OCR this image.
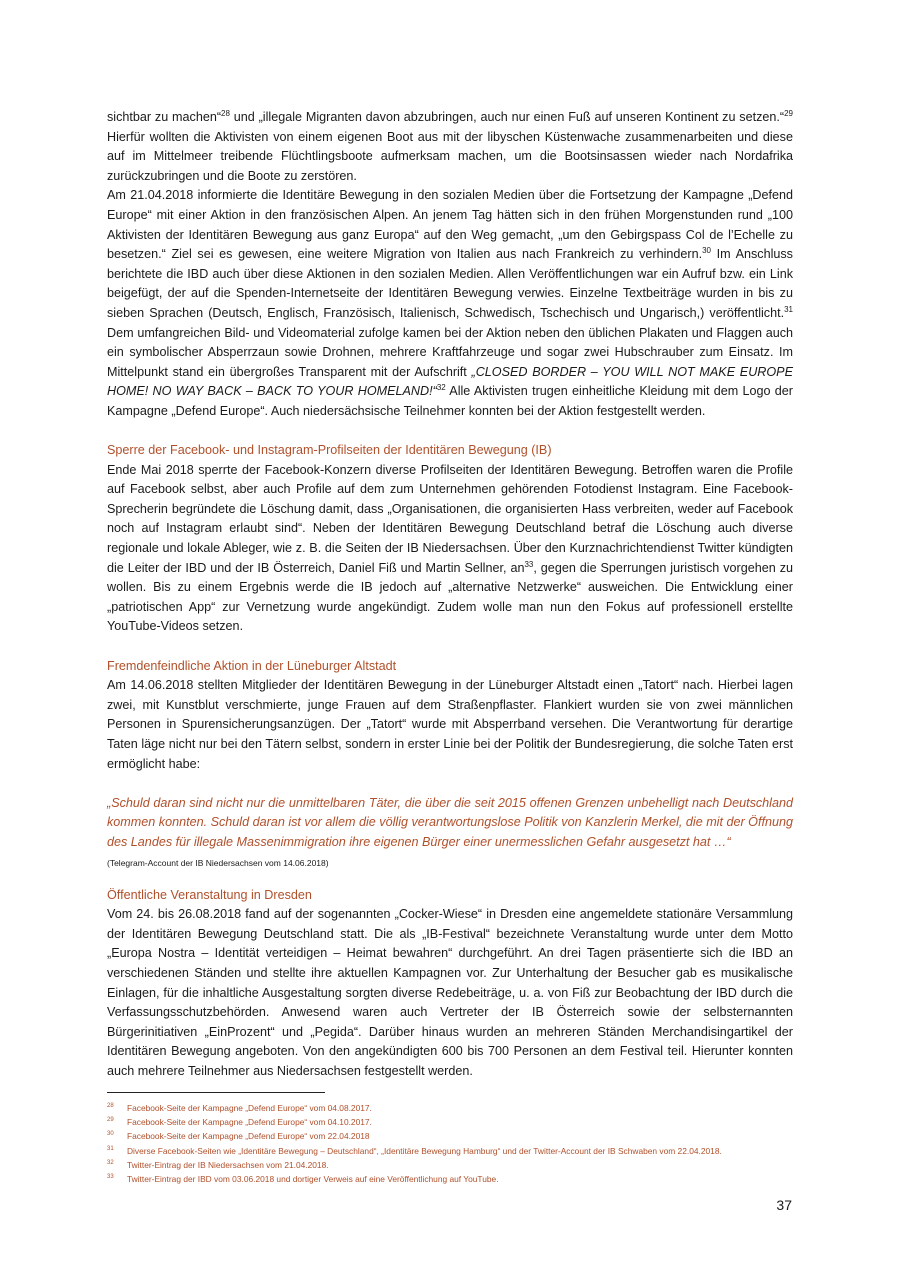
sichtbar zu machen“$^{28}$ und „illegale Migranten davon abzubringen, auch nur einen Fuß auf unseren Kontinent zu setzen.“$^{29}$ Hierfür wollten die Aktivisten von einem eigenen Boot aus mit der libyschen Küstenwache zusammenarbeiten und diese auf im Mittelmeer treibende Flüchtlingsboote aufmerksam machen, um die Bootsinsassen wieder nach Nordafrika zurückzubringen und die Boote zu zerstören.

Am 21.04.2018 informierte die Identitäre Bewegung in den sozialen Medien über die Fortsetzung der Kampagne „Defend Europe“ mit einer Aktion in den französischen Alpen. An jenem Tag hätten sich in den frühen Morgenstunden rund „100 Aktivisten der Identitären Bewegung aus ganz Europa“ auf den Weg gemacht, „um den Gebirgspass Col de l’Echelle zu besetzen.“ Ziel sei es gewesen, eine weitere Migration von Italien aus nach Frankreich zu verhindern.$^{30}$ Im Anschluss berichtete die IBD auch über diese Aktionen in den sozialen Medien. Allen Veröffentlichungen war ein Aufruf bzw. ein Link beigefügt, der auf die Spenden-Internetseite der Identitären Bewegung verwies. Einzelne Textbeiträge wurden in bis zu sieben Sprachen (Deutsch, Englisch, Französisch, Italienisch, Schwedisch, Tschechisch und Ungarisch,) veröffentlicht.$^{31}$ Dem umfangreichen Bild- und Videomaterial zufolge kamen bei der Aktion neben den üblichen Plakaten und Flaggen auch ein symbolischer Absperrzaun sowie Drohnen, mehrere Kraftfahrzeuge und sogar zwei Hubschrauber zum Einsatz. Im Mittelpunkt stand ein übergroßes Transparent mit der Aufschrift „CLOSED BORDER – YOU WILL NOT MAKE EUROPE HOME! NO WAY BACK – BACK TO YOUR HOMELAND!“$^{32}$ Alle Aktivisten trugen einheitliche Kleidung mit dem Logo der Kampagne „Defend Europe“. Auch niedersächsische Teilnehmer konnten bei der Aktion festgestellt werden.

Sperre der Facebook- und Instagram-Profilseiten der Identitären Bewegung (IB)

Ende Mai 2018 sperrte der Facebook-Konzern diverse Profilseiten der Identitären Bewegung. Betroffen waren die Profile auf Facebook selbst, aber auch Profile auf dem zum Unternehmen gehörenden Fotodienst Instagram. Eine Facebook-Sprecherin begründete die Löschung damit, dass „Organisationen, die organisierten Hass verbreiten, weder auf Facebook noch auf Instagram erlaubt sind“. Neben der Identitären Bewegung Deutschland betraf die Löschung auch diverse regionale und lokale Ableger, wie z. B. die Seiten der IB Niedersachsen. Über den Kurznachrichtendienst Twitter kündigten die Leiter der IBD und der IB Österreich, Daniel Fiß und Martin Sellner, $an^{33}$, gegen die Sperrungen juristisch vorgehen zu wollen. Bis zu einem Ergebnis werde die IB jedoch auf „alternative Netzwerke“ ausweichen. Die Entwicklung einer „patriotischen App“ zur Vernetzung wurde angekündigt. Zudem wolle man nun den Fokus auf professionell erstellte YouTube-Videos setzen.

Fremdenfeindliche Aktion in der Lüneburger Altstadt

Am 14.06.2018 stellten Mitglieder der Identitären Bewegung in der Lüneburger Altstadt einen „Tatort“ nach. Hierbei lagen zwei, mit Kunstblut verschmierte, junge Frauen auf dem Straßenpflaster. Flankiert wurden sie von zwei männlichen Personen in Spurensicherungsanzügen. Der „Tatort“ wurde mit Absperrband versehen. Die Verantwortung für derartige Taten läge nicht nur bei den Tätern selbst, sondern in erster Linie bei der Politik der Bundesregierung, die solche Taten erst ermöglicht habe:

„Schuld daran sind nicht nur die unmittelbaren Täter, die über die seit 2015 offenen Grenzen unbehelligt nach Deutschland kommen konnten. Schuld daran ist vor allem die völlig verantwortungslose Politik von Kanzlerin Merkel, die mit der Öffnung des Landes für illegale Massenimmigration ihre eigenen Bürger einer unermesslichen Gefahr ausgesetzt hat …“

(Telegram-Account der IB Niedersachsen vom 14.06.2018)

Öffentliche Veranstaltung in Dresden

Vom 24. bis 26.08.2018 fand auf der sogenannten „Cocker-Wiese“ in Dresden eine angemeldete stationäre Versammlung der Identitären Bewegung Deutschland statt. Die als „IB-Festival“ bezeichnete Veranstaltung wurde unter dem Motto „Europa Nostra – Identität verteidigen – Heimat bewahren“ durchgeführt. An drei Tagen präsentierte sich die IBD an verschiedenen Ständen und stellte ihre aktuellen Kampagnen vor. Zur Unterhaltung der Besucher gab es musikalische Einlagen, für die inhaltliche Ausgestaltung sorgten diverse Redebeiträge, u. a. von Fiß zur Beobachtung der IBD durch die Verfassungsschutzbehörden. Anwesend waren auch Vertreter der IB Österreich sowie der selbsternannten Bürgerinitiativen „EinProzent“ und „Pegida“. Darüber hinaus wurden an mehreren Ständen Merchandisingartikel der Identitären Bewegung angeboten. Von den angekündigten 600 bis 700 Personen an dem Festival teil. Hierunter konnten auch mehrere Teilnehmer aus Niedersachsen festgestellt werden.

28	Facebook-Seite der Kampagne „Defend Europe“ vom 04.08.2017.
29	Facebook-Seite der Kampagne „Defend Europe“ vom 04.10.2017.
30	Facebook-Seite der Kampagne „Defend Europe“ vom 22.04.2018
31	Diverse Facebook-Seiten wie „Identitäre Bewegung – Deutschland“, „Identitäre Bewegung Hamburg“ und der Twitter-Account der IB Schwaben vom 22.04.2018.
32	Twitter-Eintrag der IB Niedersachsen vom 21.04.2018.
33	Twitter-Eintrag der IBD vom 03.06.2018 und dortiger Verweis auf eine Veröffentlichung auf YouTube.
37
